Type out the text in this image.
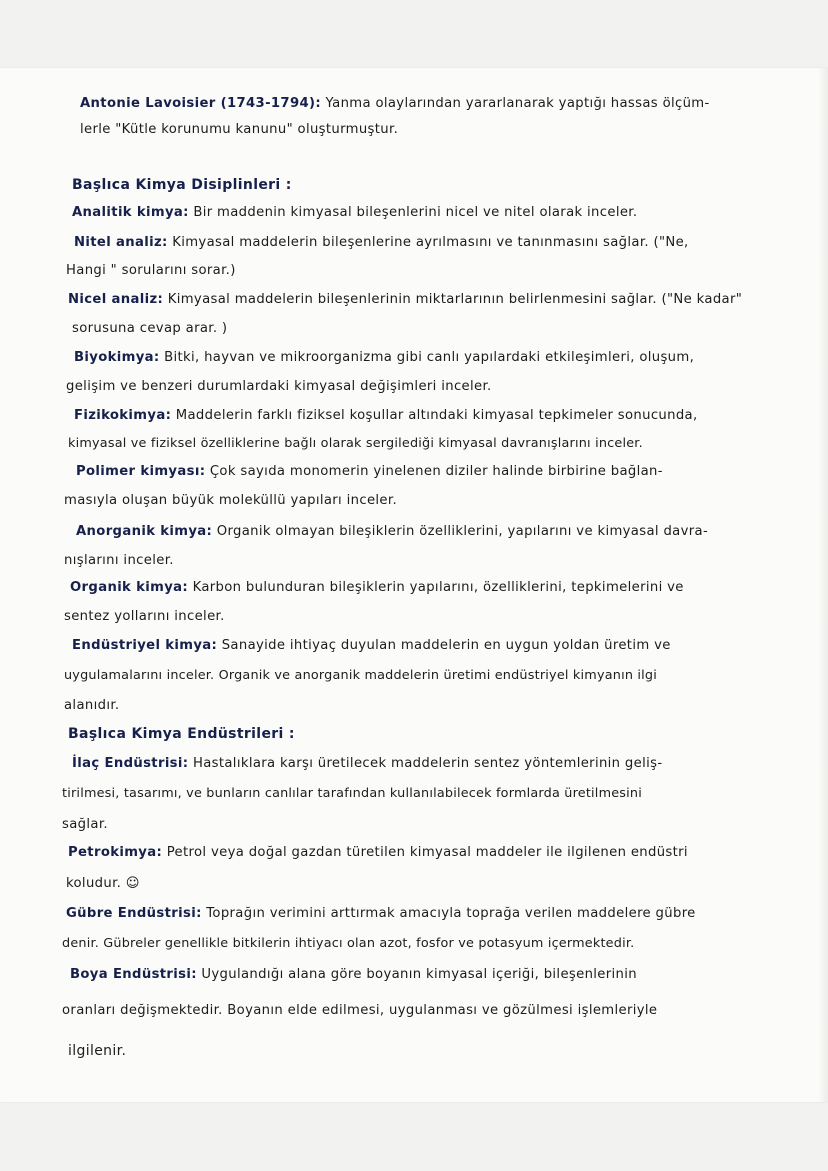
Antonie Lavoisier (1743-1794): Yanma olaylarından yararlanarak yaptığı hassas ölçüm-
lerle "Kütle korunumu kanunu" oluşturmuştur.
Başlıca Kimya Disiplinleri :
Analitik kimya: Bir maddenin kimyasal bileşenlerini nicel ve nitel olarak inceler.
Nitel analiz: Kimyasal maddelerin bileşenlerine ayrılmasını ve tanınmasını sağlar. ("Ne,
Hangi " sorularını sorar.)
Nicel analiz: Kimyasal maddelerin bileşenlerinin miktarlarının belirlenmesini sağlar. ("Ne kadar"
sorusuna cevap arar. )
Biyokimya: Bitki, hayvan ve mikroorganizma gibi canlı yapılardaki etkileşimleri, oluşum,
gelişim ve benzeri durumlardaki kimyasal değişimleri inceler.
Fizikokimya: Maddelerin farklı fiziksel koşullar altındaki kimyasal tepkimeler sonucunda,
kimyasal ve fiziksel özelliklerine bağlı olarak sergilediği kimyasal davranışlarını inceler.
Polimer kimyası: Çok sayıda monomerin yinelenen diziler halinde birbirine bağlan-
masıyla oluşan büyük moleküllü yapıları inceler.
Anorganik kimya: Organik olmayan bileşiklerin özelliklerini, yapılarını ve kimyasal davra-
nışlarını inceler.
Organik kimya: Karbon bulunduran bileşiklerin yapılarını, özelliklerini, tepkimelerini ve
sentez yollarını inceler.
Endüstriyel kimya: Sanayide ihtiyaç duyulan maddelerin en uygun yoldan üretim ve
uygulamalarını inceler. Organik ve anorganik maddelerin üretimi endüstriyel kimyanın ilgi
alanıdır.
Başlıca Kimya Endüstrileri :
İlaç Endüstrisi: Hastalıklara karşı üretilecek maddelerin sentez yöntemlerinin geliş-
tirilmesi, tasarımı, ve bunların canlılar tarafından kullanılabilecek formlarda üretilmesini
sağlar.
Petrokimya: Petrol veya doğal gazdan türetilen kimyasal maddeler ile ilgilenen endüstri
koludur. ☺
Gübre Endüstrisi: Toprağın verimini arttırmak amacıyla toprağa verilen maddelere gübre
denir. Gübreler genellikle bitkilerin ihtiyacı olan azot, fosfor ve potasyum içermektedir.
Boya Endüstrisi: Uygulandığı alana göre boyanın kimyasal içeriği, bileşenlerinin
oranları değişmektedir. Boyanın elde edilmesi, uygulanması ve gözülmesi işlemleriyle
ilgilenir.
